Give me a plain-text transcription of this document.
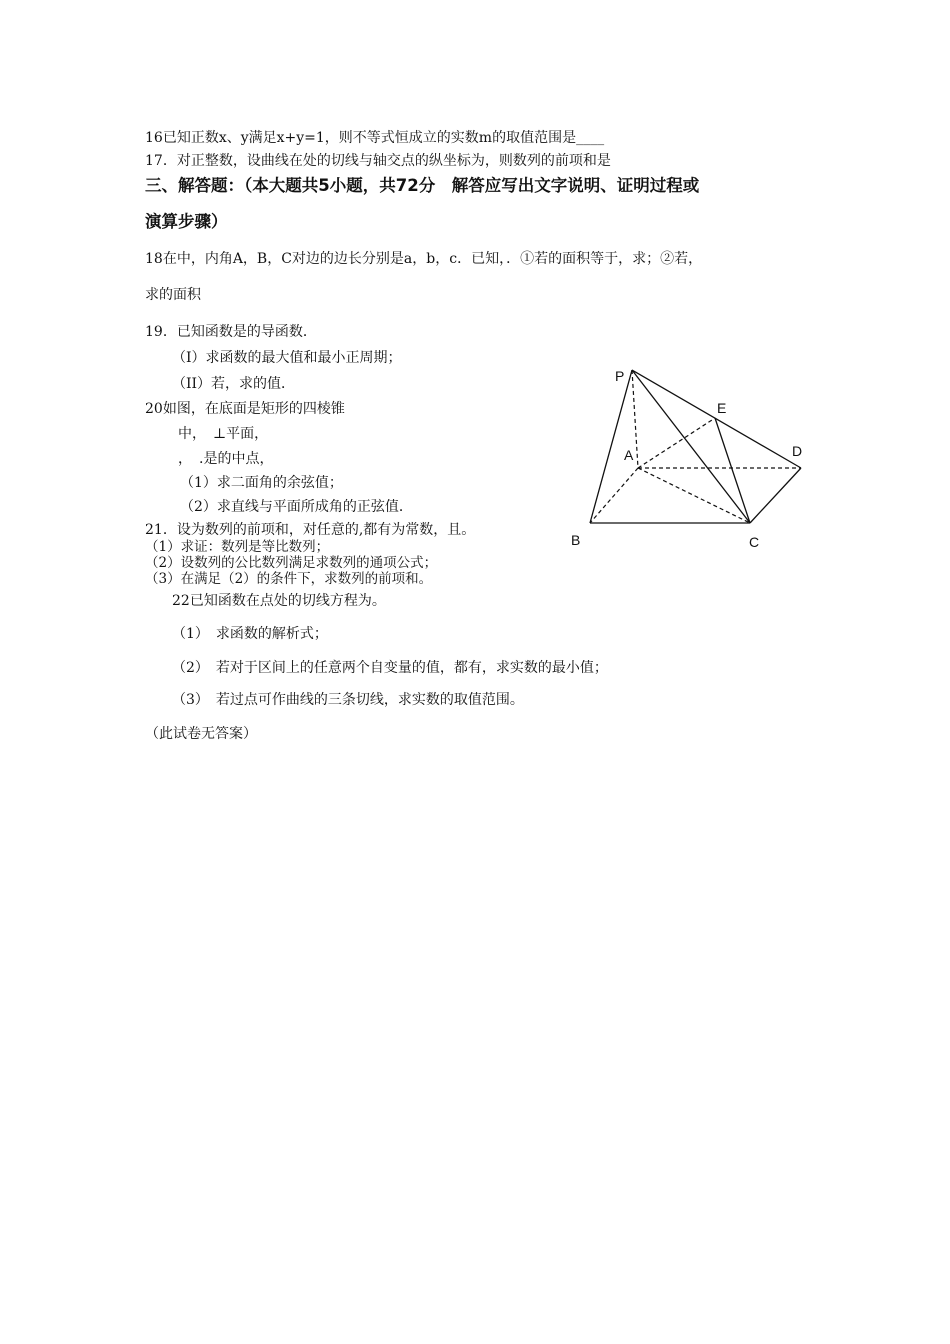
16已知正数x、y满足x+y=1，则不等式恒成立的实数m的取值范围是____
17．对正整数，设曲线在处的切线与轴交点的纵坐标为，则数列的前项和是
三、解答题：（本大题共5小题，共72分　解答应写出文字说明、证明过程或
演算步骤）
18在中，内角A，B，C对边的边长分别是a，b，c．已知，．①若的面积等于，求；②若，
求的面积
19．已知函数是的导函数．
（I）求函数的最大值和最小正周期；
（II）若，求的值．
20如图，在底面是矩形的四棱锥
中，　⊥平面，
，　.是的中点，
（1）求二面角的余弦值；
（2）求直线与平面所成角的正弦值．
21．设为数列的前项和，对任意的,都有为常数，且。
（1）求证：数列是等比数列；
（2）设数列的公比数列满足求数列的通项公式；
（3）在满足（2）的条件下，求数列的前项和。
22已知函数在点处的切线方程为。
（1）　求函数的解析式；
（2）　若对于区间上的任意两个自变量的值，都有，求实数的最小值；
（3）　若过点可作曲线的三条切线，求实数的取值范围。
（此试卷无答案）
P
E
A	D
B	C
